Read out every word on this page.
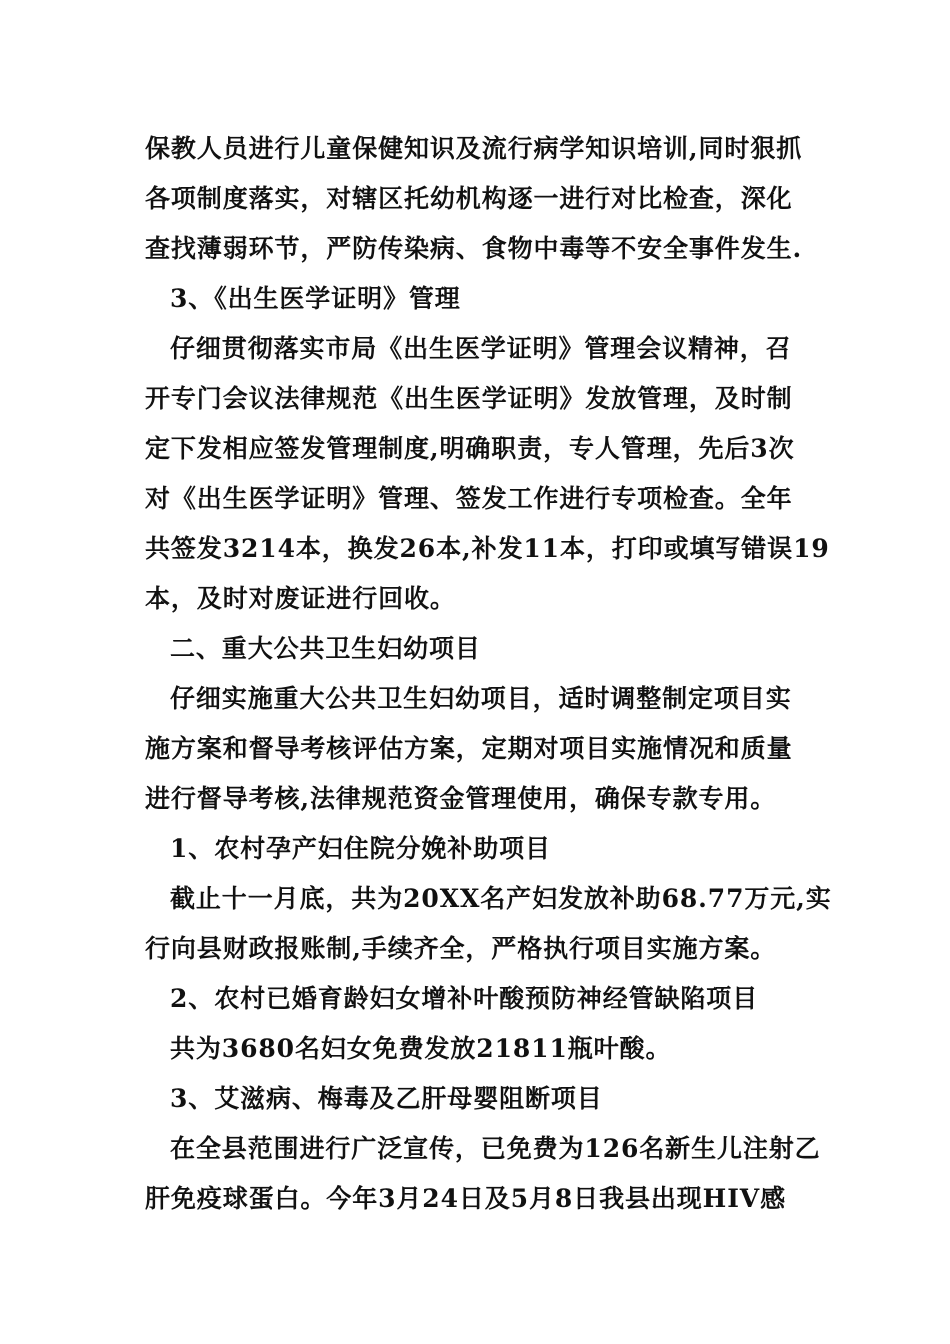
保教人员进行儿童保健知识及流行病学知识培训,同时狠抓
各项制度落实，对辖区托幼机构逐一进行对比检查，深化
查找薄弱环节，严防传染病、食物中毒等不安全事件发生.
3、《出生医学证明》管理
仔细贯彻落实市局《出生医学证明》管理会议精神，召
开专门会议法律规范《出生医学证明》发放管理，及时制
定下发相应签发管理制度,明确职责，专人管理，先后3次
对《出生医学证明》管理、签发工作进行专项检查。全年
共签发3214本，换发26本,补发11本，打印或填写错误19
本，及时对废证进行回收。
二、重大公共卫生妇幼项目
仔细实施重大公共卫生妇幼项目，适时调整制定项目实
施方案和督导考核评估方案，定期对项目实施情况和质量
进行督导考核,法律规范资金管理使用，确保专款专用。
1、农村孕产妇住院分娩补助项目
截止十一月底，共为20XX名产妇发放补助68.77万元,实
行向县财政报账制,手续齐全，严格执行项目实施方案。
2、农村已婚育龄妇女增补叶酸预防神经管缺陷项目
共为3680名妇女免费发放21811瓶叶酸。
3、艾滋病、梅毒及乙肝母婴阻断项目
在全县范围进行广泛宣传，已免费为126名新生儿注射乙
肝免疫球蛋白。今年3月24日及5月8日我县出现HIV感
